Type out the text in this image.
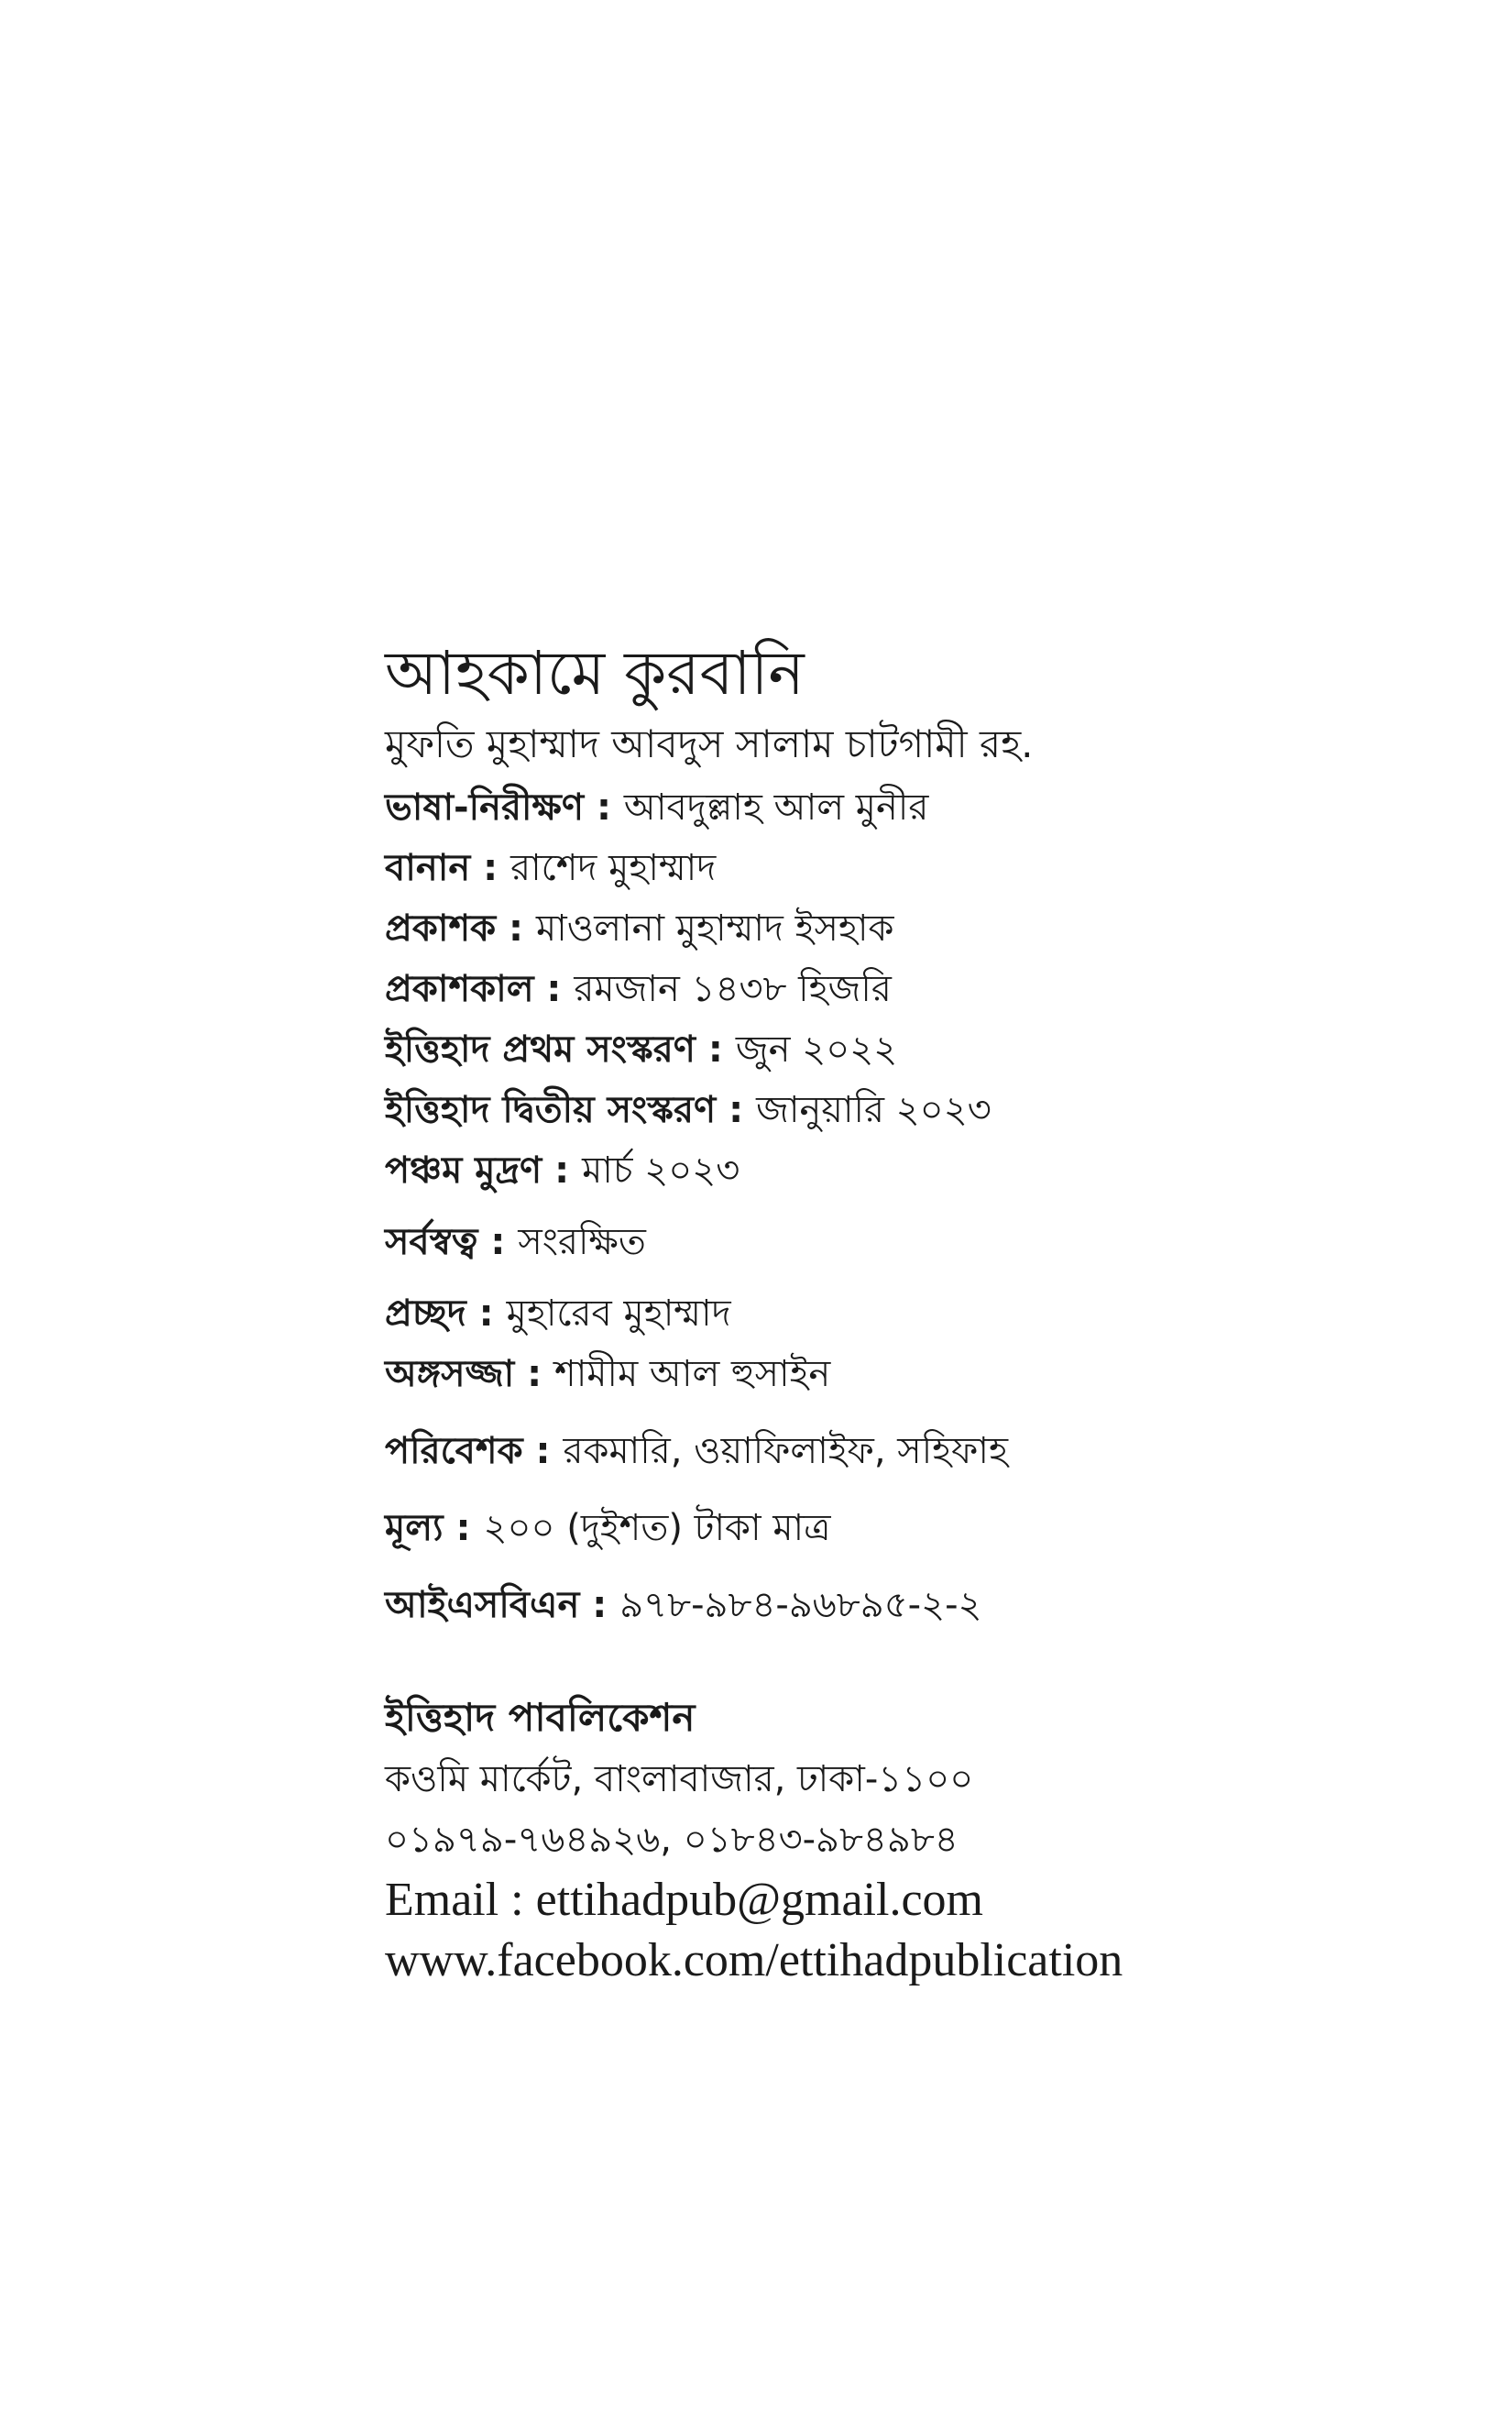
আহকামে কুরবানি

মুফতি মুহাম্মাদ আবদুস সালাম চাটগামী রহ.

ভাষা-নিরীক্ষণ : আবদুল্লাহ আল মুনীর

বানান : রাশেদ মুহাম্মাদ

প্রকাশক : মাওলানা মুহাম্মাদ ইসহাক

প্রকাশকাল : রমজান ১৪৩৮ হিজরি

ইত্তিহাদ প্রথম সংস্করণ : জুন ২০২২

ইত্তিহাদ দ্বিতীয় সংস্করণ : জানুয়ারি ২০২৩

পঞ্চম মুদ্রণ : মার্চ ২০২৩

সর্বস্বত্ব : সংরক্ষিত

প্রচ্ছদ : মুহারেব মুহাম্মাদ

অঙ্গসজ্জা : শামীম আল হুসাইন

পরিবেশক : রকমারি, ওয়াফিলাইফ, সহিফাহ

মূল্য : ২০০ (দুইশত) টাকা মাত্র

আইএসবিএন : ৯৭৮-৯৮৪-৯৬৮৯৫-২-২

ইত্তিহাদ পাবলিকেশন

কওমি মার্কেট, বাংলাবাজার, ঢাকা-১১০০

০১৯৭৯-৭৬৪৯২৬, ০১৮৪৩-৯৮৪৯৮৪

Email : ettihadpub@gmail.com

www.facebook.com/ettihadpublication
